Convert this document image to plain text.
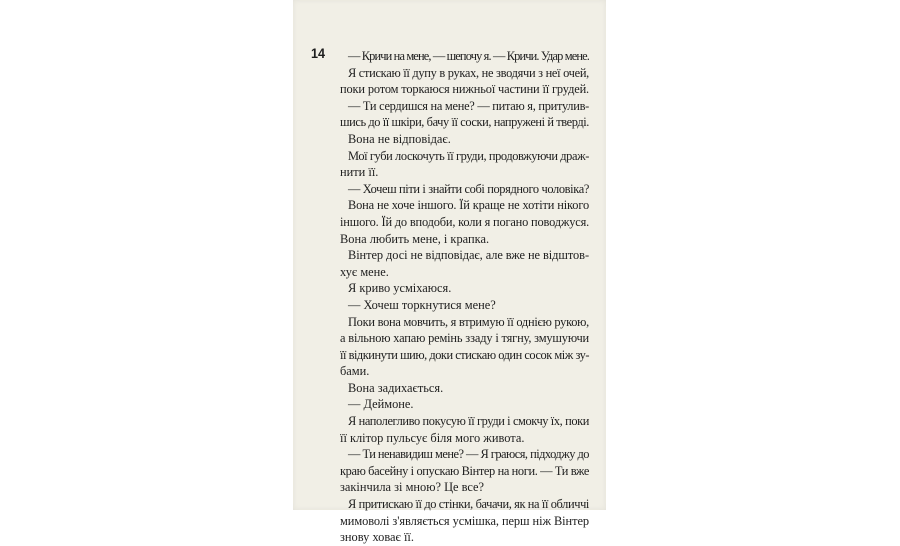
14	— Кричи на мене, — шепочу я. — Кричи. Удар мене.
Я стискаю її дупу в руках, не зводячи з неї очей,
поки ротом торкаюся нижньої частини її грудей.
— Ти сердишся на мене? — питаю я, притулив-
шись до її шкіри, бачу її соски, напружені й тверді.
Вона не відповідає.
Мої губи лоскочуть її груди, продовжуючи драж-
нити її.
— Хочеш піти і знайти собі порядного чоловіка?
Вона не хоче іншого. Їй краще не хотіти нікого
іншого. Їй до вподоби, коли я погано поводжуся.
Вона любить мене, і крапка.
Вінтер досі не відповідає, але вже не відштов-
хує мене.
Я криво усміхаюся.
— Хочеш торкнутися мене?
Поки вона мовчить, я втримую її однією рукою,
а вільною хапаю ремінь ззаду і тягну, змушуючи
її відкинути шию, доки стискаю один сосок між зу-
бами.
Вона задихається.
— Деймоне.
Я наполегливо покусую її груди і смокчу їх, поки
її клітор пульсує біля мого живота.
— Ти ненавидиш мене? — Я граюся, підходжу до
краю басейну і опускаю Вінтер на ноги. — Ти вже
закінчила зі мною? Це все?
Я притискаю її до стінки, бачачи, як на її обличчі
мимоволі з'являється усмішка, перш ніж Вінтер
знову ховає її.
